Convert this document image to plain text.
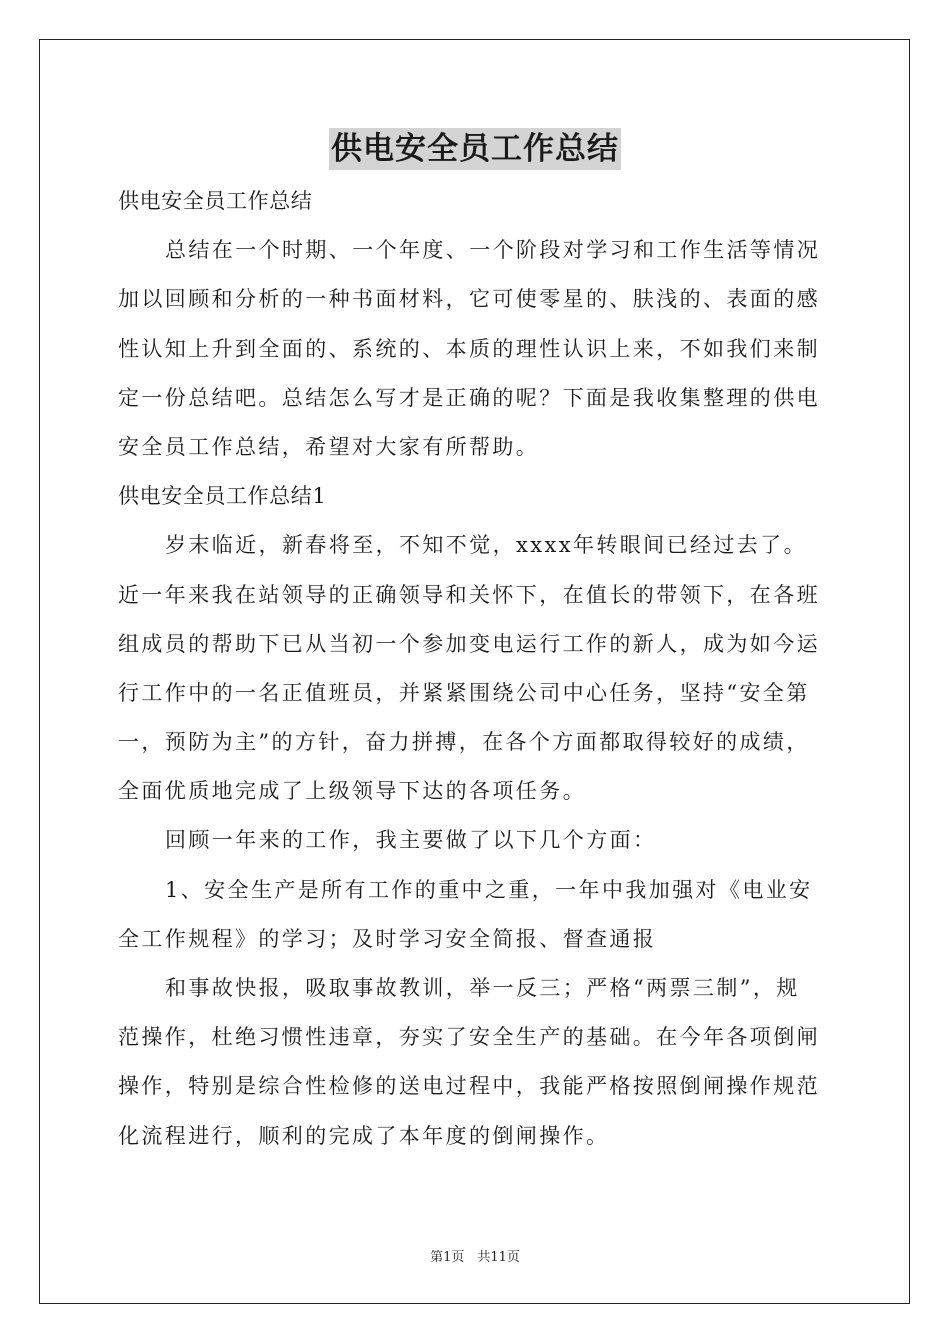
供电安全员工作总结
供电安全员工作总结
总结在一个时期、一个年度、一个阶段对学习和工作生活等情况
加以回顾和分析的一种书面材料，它可使零星的、肤浅的、表面的感
性认知上升到全面的、系统的、本质的理性认识上来，不如我们来制
定一份总结吧。总结怎么写才是正确的呢？下面是我收集整理的供电
安全员工作总结，希望对大家有所帮助。
供电安全员工作总结1
岁末临近，新春将至，不知不觉，xxxx年转眼间已经过去了。
近一年来我在站领导的正确领导和关怀下，在值长的带领下，在各班
组成员的帮助下已从当初一个参加变电运行工作的新人，成为如今运
行工作中的一名正值班员，并紧紧围绕公司中心任务，坚持“安全第
一，预防为主”的方针，奋力拼搏，在各个方面都取得较好的成绩，
全面优质地完成了上级领导下达的各项任务。
回顾一年来的工作，我主要做了以下几个方面：
1、安全生产是所有工作的重中之重，一年中我加强对《电业安
全工作规程》的学习；及时学习安全简报、督查通报
和事故快报，吸取事故教训，举一反三；严格“两票三制”，规
范操作，杜绝习惯性违章，夯实了安全生产的基础。在今年各项倒闸
操作，特别是综合性检修的送电过程中，我能严格按照倒闸操作规范
化流程进行，顺利的完成了本年度的倒闸操作。
第1页　共11页
